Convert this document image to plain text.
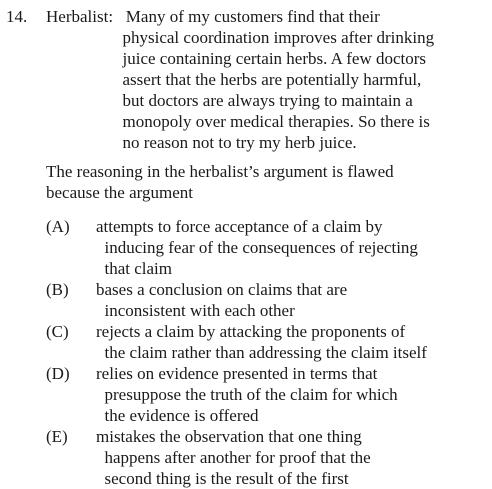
14. Herbalist:   Many of my customers find that their
physical coordination improves after drinking
juice containing certain herbs. A few doctors
assert that the herbs are potentially harmful,
but doctors are always trying to maintain a
monopoly over medical therapies. So there is
no reason not to try my herb juice.
The reasoning in the herbalist’s argument is flawed
because the argument
(A) attempts to force acceptance of a claim by
inducing fear of the consequences of rejecting
that claim
(B) bases a conclusion on claims that are
inconsistent with each other
(C) rejects a claim by attacking the proponents of
the claim rather than addressing the claim itself
(D) relies on evidence presented in terms that
presuppose the truth of the claim for which
the evidence is offered
(E) mistakes the observation that one thing
happens after another for proof that the
second thing is the result of the first
